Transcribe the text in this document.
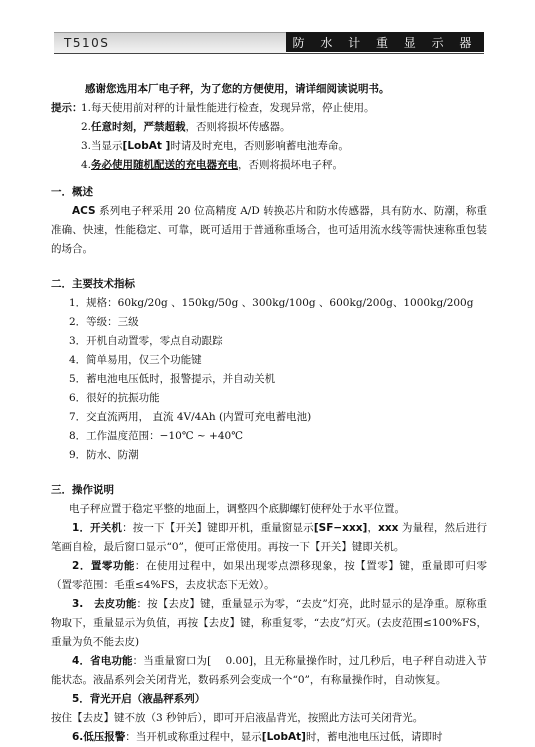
T510S	防 水 计 重 显 示 器
感谢您选用本厂电子秤，为了您的方便使用，请详细阅读说明书。
提示：1.每天使用前对秤的计量性能进行检查，发现异常，停止使用。
2.任意时刻，严禁超载，否则将损坏传感器。
3.当显示[LobAt ]时请及时充电，否则影响蓄电池寿命。
4.务必使用随机配送的充电器充电，否则将损坏电子秤。
一．概述
ACS 系列电子秤采用 20 位高精度 A/D 转换芯片和防水传感器，具有防水、防潮，称重准确、快速，性能稳定、可靠，既可适用于普通称重场合，也可适用流水线等需快速称重包装的场合。
二．主要技术指标
1．规格：60kg/20g 、150kg/50g 、300kg/100g 、600kg/200g、1000kg/200g
2．等级：三级
3．开机自动置零，零点自动跟踪
4．简单易用，仅三个功能键
5．蓄电池电压低时，报警提示，并自动关机
6．很好的抗振功能
7．交直流两用， 直流 4V/4Ah (内置可充电蓄电池)
8．工作温度范围：−10℃ ~ +40℃
9．防水、防潮
三．操作说明
电子秤应置于稳定平整的地面上，调整四个底脚螺钉使秤处于水平位置。
1．开关机：按一下【开关】键即开机，重量窗显示[SF−xxx]，xxx 为量程，然后进行笔画自检，最后窗口显示“0”，便可正常使用。再按一下【开关】键即关机。
2．置零功能：在使用过程中，如果出现零点漂移现象，按【置零】键，重量即可归零（置零范围：毛重≤4%FS，去皮状态下无效）。
3.　去皮功能：按【去皮】键，重量显示为零，“去皮”灯亮，此时显示的是净重。原称重物取下，重量显示为负值，再按【去皮】键，称重复零，“去皮”灯灭。(去皮范围≤100%FS，重量为负不能去皮)
4．省电功能：当重量窗口为[　 0.00]，且无称量操作时，过几秒后，电子秤自动进入节能状态。液晶系列会关闭背光，数码系列会变成一个“0”，有称量操作时，自动恢复。
5．背光开启（液晶秤系列）
按住【去皮】键不放（3 秒钟后），即可开启液晶背光，按照此方法可关闭背光。
6.低压报警：当开机或称重过程中，显示[LobAt]时，蓄电池电压过低，请即时
